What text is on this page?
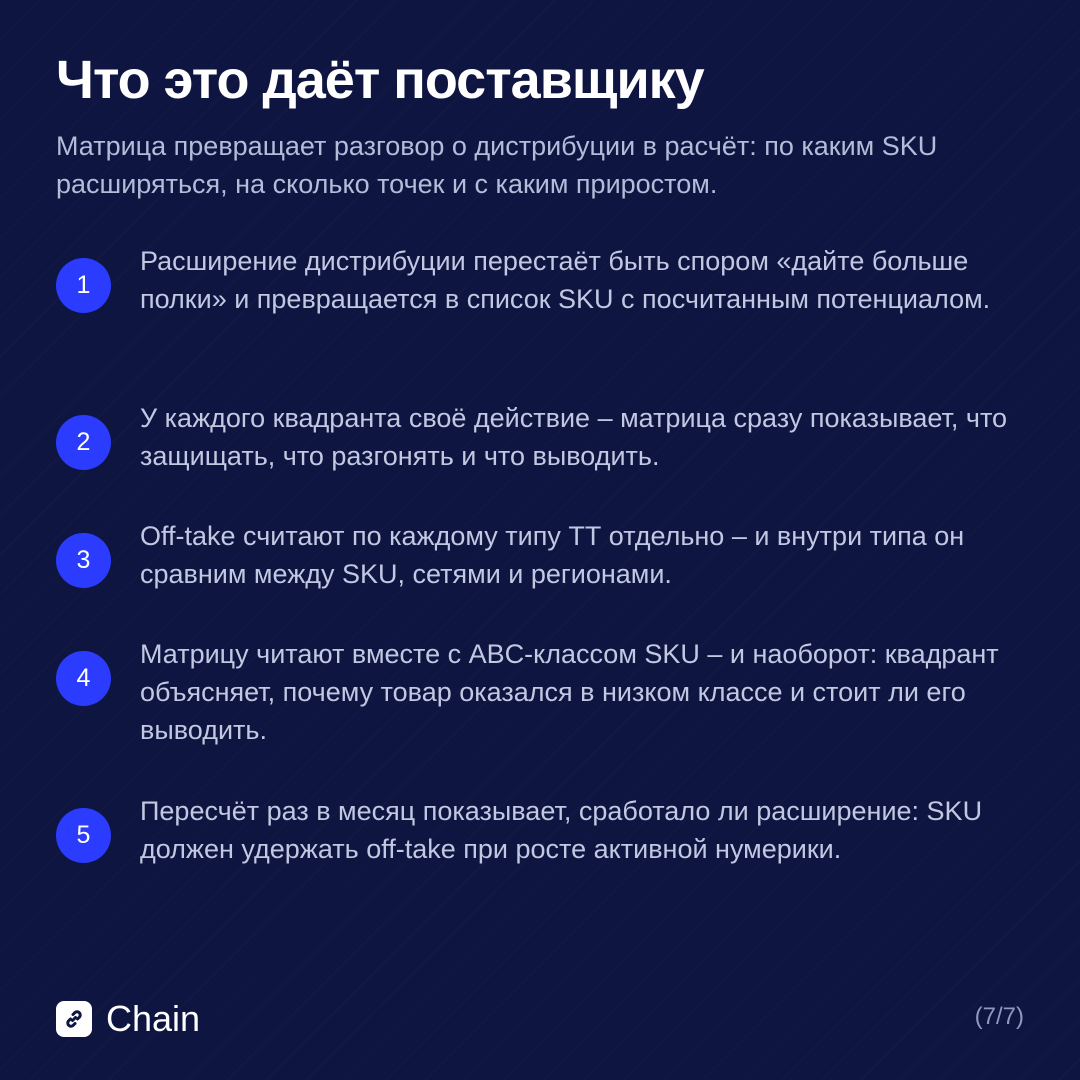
Что это даёт поставщику

Матрица превращает разговор о дистрибуции в расчёт: по каким SKU расширяться, на сколько точек и с каким приростом.

1

Расширение дистрибуции перестаёт быть спором «дайте больше полки» и превращается в список SKU с посчитанным потенциалом.

2

У каждого квадранта своё действие – матрица сразу показывает, что защищать, что разгонять и что выводить.

3

Off-take считают по каждому типу ТТ отдельно – и внутри типа он сравним между SKU, сетями и регионами.

4

Матрицу читают вместе с ABC-классом SKU – и наоборот: квадрант объясняет, почему товар оказался в низком классе и стоит ли его выводить.

5

Пересчёт раз в месяц показывает, сработало ли расширение: SKU должен удержать off-take при росте активной нумерики.

Chain	(7/7)
